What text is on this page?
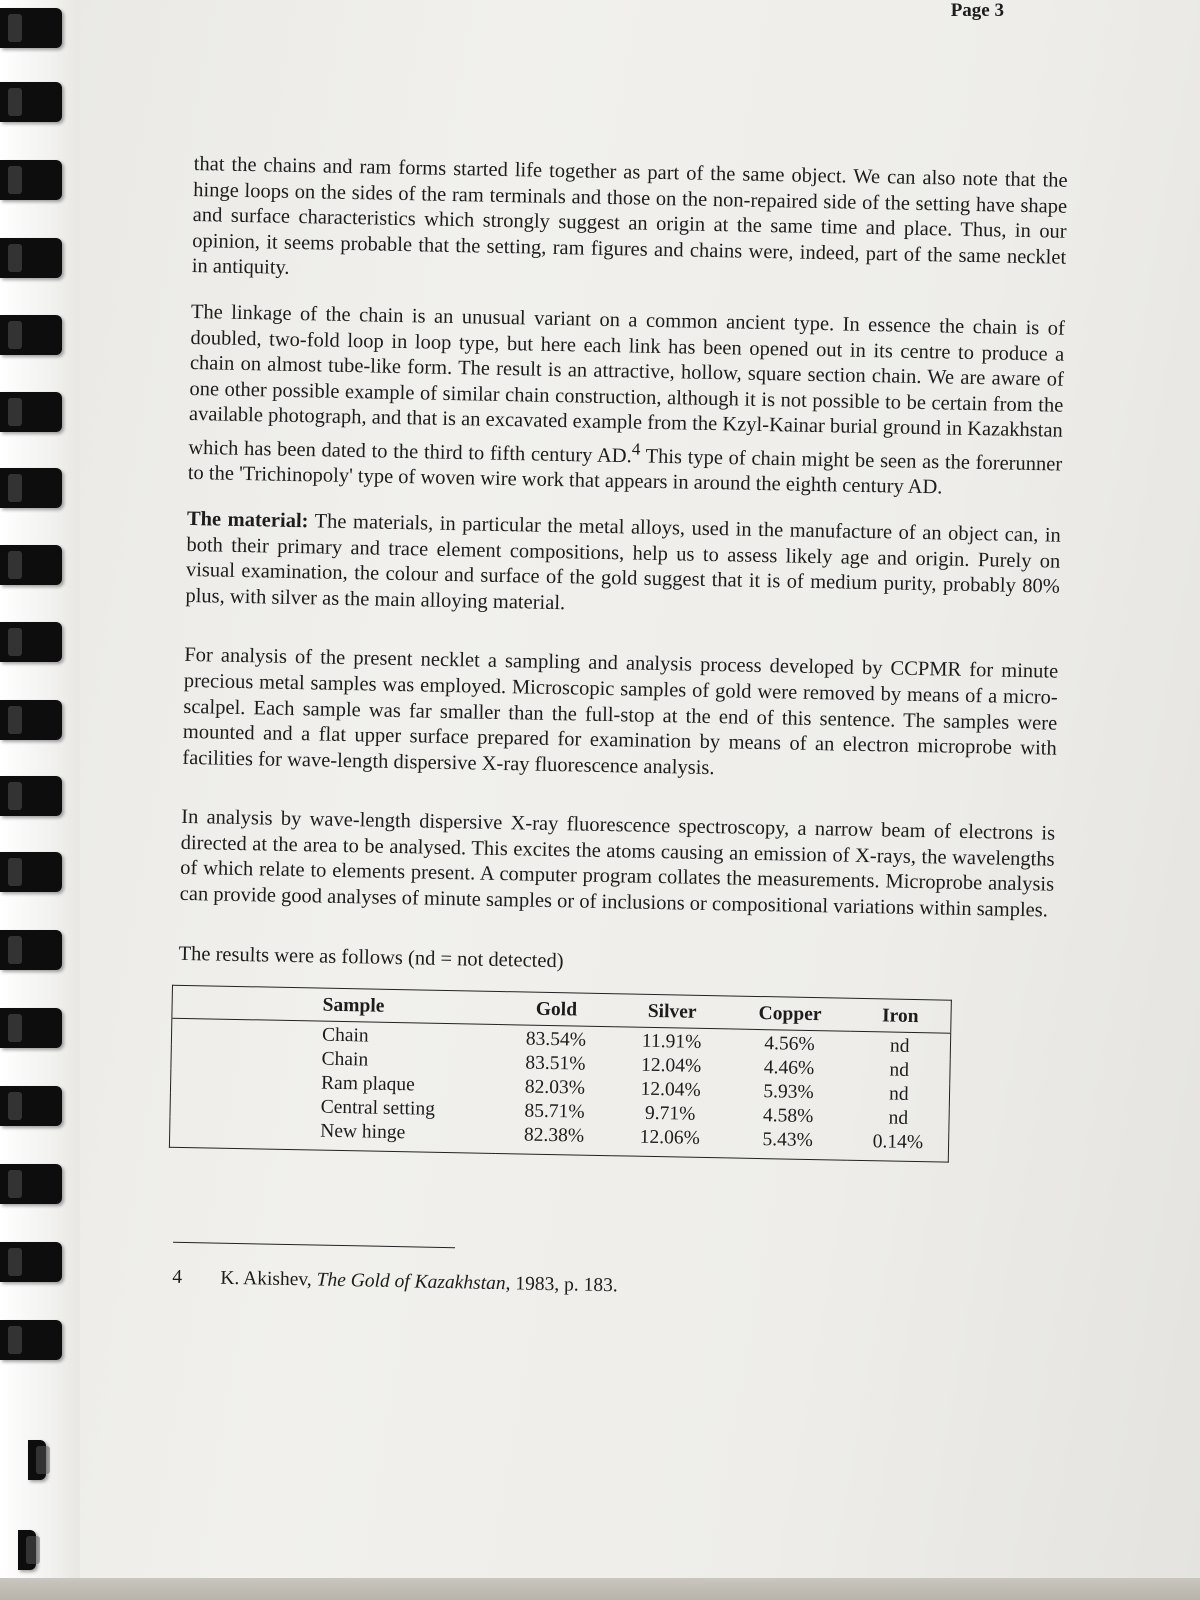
Page 3

that the chains and ram forms started life together as part of the same object. We can also note that the hinge loops on the sides of the ram terminals and those on the non-repaired side of the setting have shape and surface characteristics which strongly suggest an origin at the same time and place. Thus, in our opinion, it seems probable that the setting, ram figures and chains were, indeed, part of the same necklet in antiquity.

The linkage of the chain is an unusual variant on a common ancient type. In essence the chain is of doubled, two-fold loop in loop type, but here each link has been opened out in its centre to produce a chain on almost tube-like form. The result is an attractive, hollow, square section chain. We are aware of one other possible example of similar chain construction, although it is not possible to be certain from the available photograph, and that is an excavated example from the Kzyl-Kainar burial ground in Kazakhstan which has been dated to the third to fifth century AD.$^4$ This type of chain might be seen as the forerunner to the 'Trichinopoly' type of woven wire work that appears in around the eighth century AD.

The material: The materials, in particular the metal alloys, used in the manufacture of an object can, in both their primary and trace element compositions, help us to assess likely age and origin. Purely on visual examination, the colour and surface of the gold suggest that it is of medium purity, probably 80% plus, with silver as the main alloying material.

For analysis of the present necklet a sampling and analysis process developed by CCPMR for minute precious metal samples was employed. Microscopic samples of gold were removed by means of a micro-scalpel. Each sample was far smaller than the full-stop at the end of this sentence. The samples were mounted and a flat upper surface prepared for examination by means of an electron microprobe with facilities for wave-length dispersive X-ray fluorescence analysis.

In analysis by wave-length dispersive X-ray fluorescence spectroscopy, a narrow beam of electrons is directed at the area to be analysed. This excites the atoms causing an emission of X-rays, the wavelengths of which relate to elements present. A computer program collates the measurements. Microprobe analysis can provide good analyses of minute samples or of inclusions or compositional variations within samples.

The results were as follows (nd = not detected)

Sample	Gold	Silver	Copper	Iron
Chain	83.54%	11.91%	4.56%	nd
Chain	83.51%	12.04%	4.46%	nd
Ram plaque	82.03%	12.04%	5.93%	nd
Central setting	85.71%	9.71%	4.58%	nd
New hinge	82.38%	12.06%	5.43%	0.14%
4	K. Akishev, The Gold of Kazakhstan, 1983, p. 183.
